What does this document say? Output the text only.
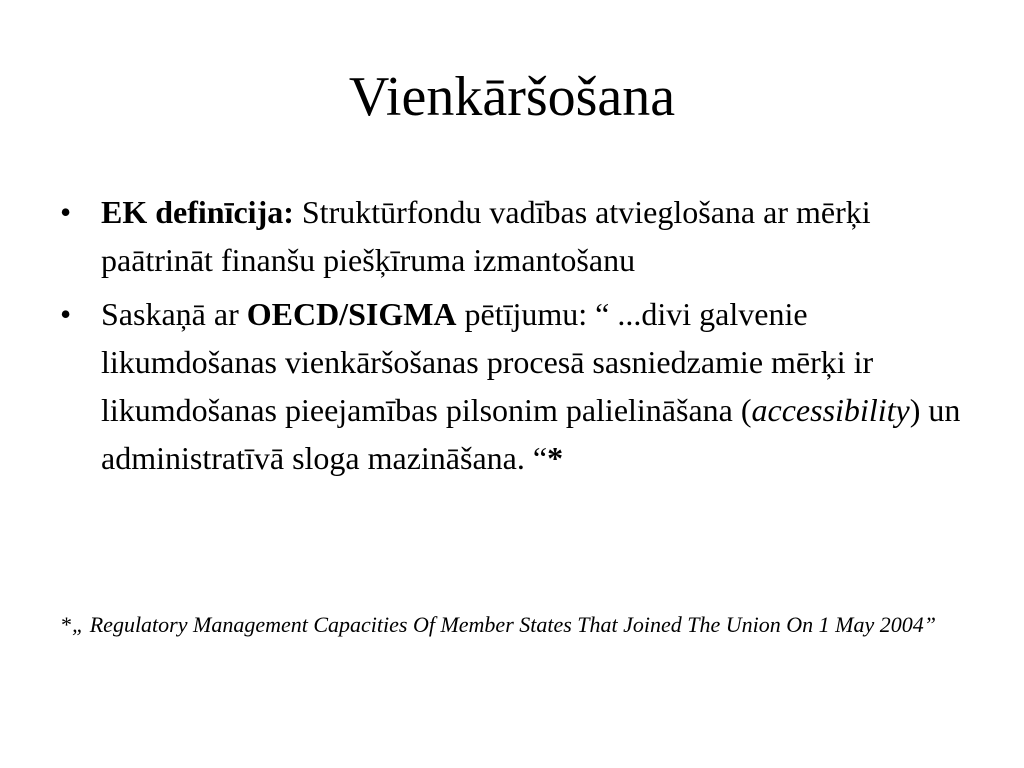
Vienkāršošana
• EK definīcija: Struktūrfondu vadības atvieglošana ar mērķi paātrināt finanšu piešķīruma izmantošanu
• Saskaņā ar OECD/SIGMA pētījumu: “ ...divi galvenie likumdošanas vienkāršošanas procesā sasniedzamie mērķi ir likumdošanas pieejamības pilsonim palielināšana (accessibility) un administratīvā sloga mazināšana. “*
*„ Regulatory Management Capacities Of Member States That Joined The Union On 1 May 2004”
